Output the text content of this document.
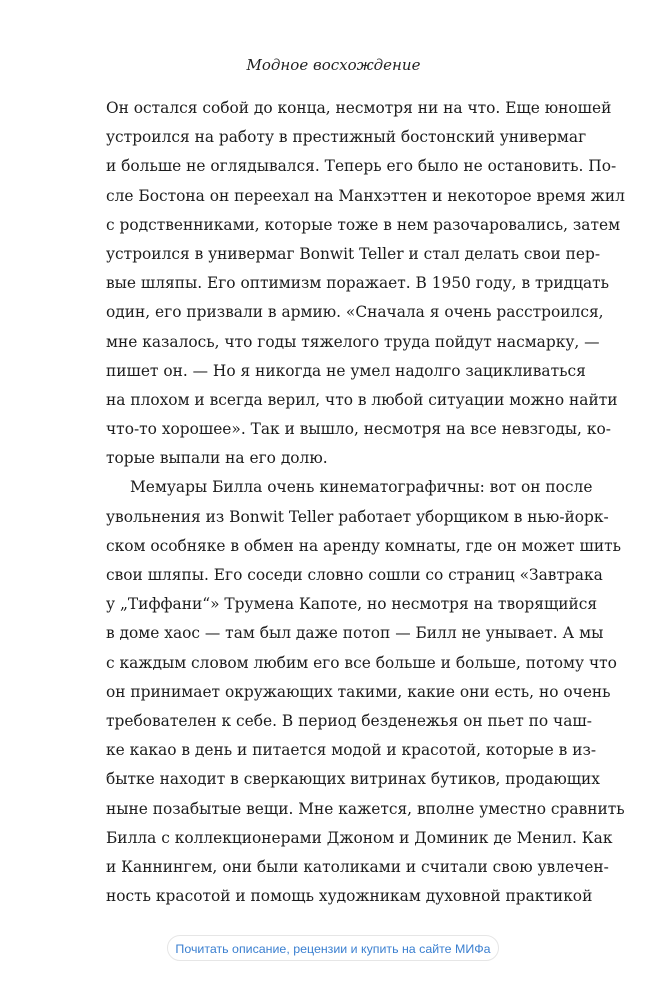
Модное восхождение
Он остался собой до конца, несмотря ни на что. Еще юношей
устроился на работу в престижный бостонский универмаг
и больше не оглядывался. Теперь его было не остановить. По-
сле Бостона он переехал на Манхэттен и некоторое время жил
с родственниками, которые тоже в нем разочаровались, затем
устроился в универмаг Bonwit Teller и стал делать свои пер-
вые шляпы. Его оптимизм поражает. В 1950 году, в тридцать
один, его призвали в армию. «Сначала я очень расстроился,
мне казалось, что годы тяжелого труда пойдут насмарку, —
пишет он. — Но я никогда не умел надолго зацикливаться
на плохом и всегда верил, что в любой ситуации можно найти
что-то хорошее». Так и вышло, несмотря на все невзгоды, ко-
торые выпали на его долю.
Мемуары Билла очень кинематографичны: вот он после
увольнения из Bonwit Teller работает уборщиком в нью-йорк-
ском особняке в обмен на аренду комнаты, где он может шить
свои шляпы. Его соседи словно сошли со страниц «Завтрака
у „Тиффани“» Трумена Капоте, но несмотря на творящийся
в доме хаос — там был даже потоп — Билл не унывает. А мы
с каждым словом любим его все больше и больше, потому что
он принимает окружающих такими, какие они есть, но очень
требователен к себе. В период безденежья он пьет по чаш-
ке какао в день и питается модой и красотой, которые в из-
бытке находит в сверкающих витринах бутиков, продающих
ныне позабытые вещи. Мне кажется, вполне уместно сравнить
Билла с коллекционерами Джоном и Доминик де Менил. Как
и Каннингем, они были католиками и считали свою увлечен-
ность красотой и помощь художникам духовной практикой
Почитать описание, рецензии и купить на сайте МИФа
